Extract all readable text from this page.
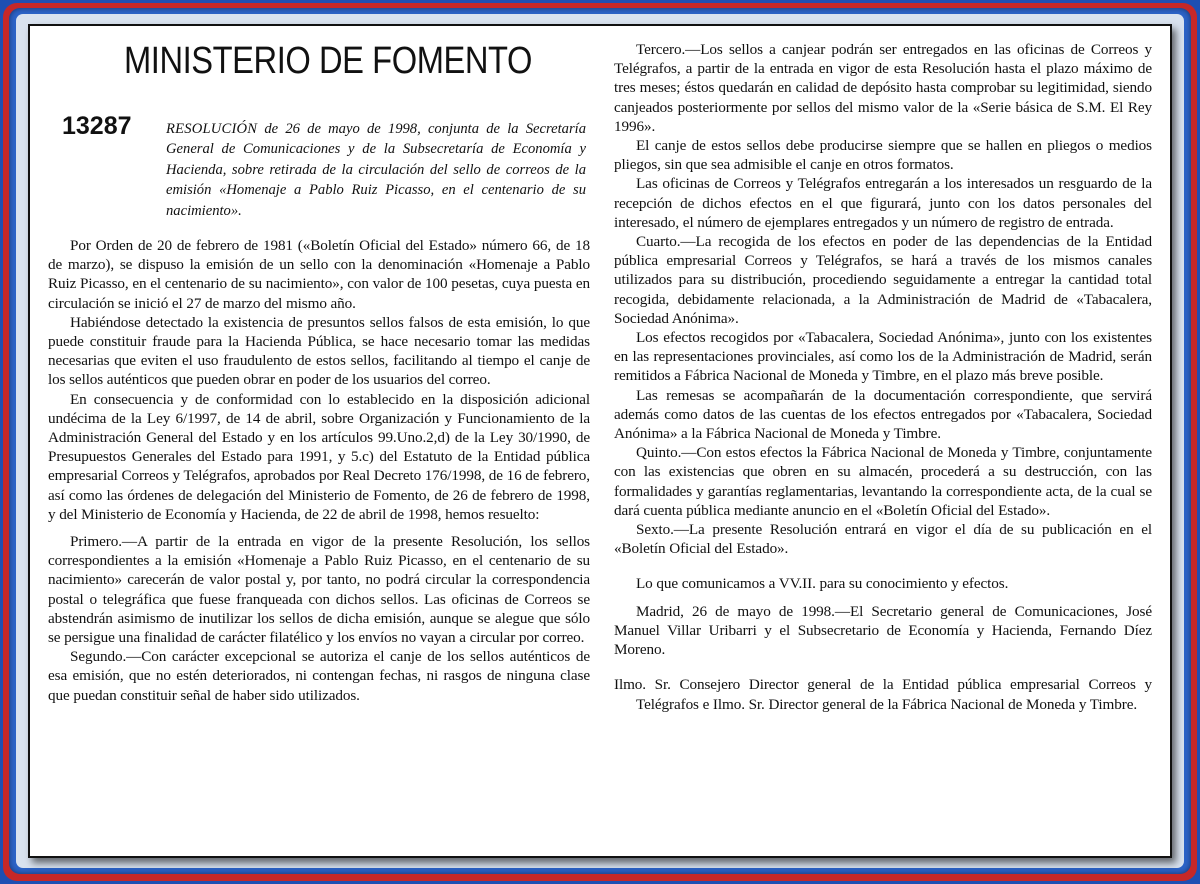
MINISTERIO DE FOMENTO
13287 RESOLUCIÓN de 26 de mayo de 1998, conjunta de la Secretaría General de Comunicaciones y de la Subsecretaría de Economía y Hacienda, sobre retirada de la circulación del sello de correos de la emisión «Homenaje a Pablo Ruiz Picasso, en el centenario de su nacimiento».

Por Orden de 20 de febrero de 1981 («Boletín Oficial del Estado» número 66, de 18 de marzo), se dispuso la emisión de un sello con la denominación «Homenaje a Pablo Ruiz Picasso, en el centenario de su nacimiento», con valor de 100 pesetas, cuya puesta en circulación se inició el 27 de marzo del mismo año.

Habiéndose detectado la existencia de presuntos sellos falsos de esta emisión, lo que puede constituir fraude para la Hacienda Pública, se hace necesario tomar las medidas necesarias que eviten el uso fraudulento de estos sellos, facilitando al tiempo el canje de los sellos auténticos que pueden obrar en poder de los usuarios del correo.

En consecuencia y de conformidad con lo establecido en la disposición adicional undécima de la Ley 6/1997, de 14 de abril, sobre Organización y Funcionamiento de la Administración General del Estado y en los artículos 99.Uno.2,d) de la Ley 30/1990, de Presupuestos Generales del Estado para 1991, y 5.c) del Estatuto de la Entidad pública empresarial Correos y Telégrafos, aprobados por Real Decreto 176/1998, de 16 de febrero, así como las órdenes de delegación del Ministerio de Fomento, de 26 de febrero de 1998, y del Ministerio de Economía y Hacienda, de 22 de abril de 1998, hemos resuelto:

Primero.—A partir de la entrada en vigor de la presente Resolución, los sellos correspondientes a la emisión «Homenaje a Pablo Ruiz Picasso, en el centenario de su nacimiento» carecerán de valor postal y, por tanto, no podrá circular la correspondencia postal o telegráfica que fuese franqueada con dichos sellos. Las oficinas de Correos se abstendrán asimismo de inutilizar los sellos de dicha emisión, aunque se alegue que sólo se persigue una finalidad de carácter filatélico y los envíos no vayan a circular por correo.

Segundo.—Con carácter excepcional se autoriza el canje de los sellos auténticos de esa emisión, que no estén deteriorados, ni contengan fechas, ni rasgos de ninguna clase que puedan constituir señal de haber sido utilizados.

Tercero.—Los sellos a canjear podrán ser entregados en las oficinas de Correos y Telégrafos, a partir de la entrada en vigor de esta Resolución hasta el plazo máximo de tres meses; éstos quedarán en calidad de depósito hasta comprobar su legitimidad, siendo canjeados posteriormente por sellos del mismo valor de la «Serie básica de S.M. El Rey 1996».

El canje de estos sellos debe producirse siempre que se hallen en pliegos o medios pliegos, sin que sea admisible el canje en otros formatos.

Las oficinas de Correos y Telégrafos entregarán a los interesados un resguardo de la recepción de dichos efectos en el que figurará, junto con los datos personales del interesado, el número de ejemplares entregados y un número de registro de entrada.

Cuarto.—La recogida de los efectos en poder de las dependencias de la Entidad pública empresarial Correos y Telégrafos, se hará a través de los mismos canales utilizados para su distribución, procediendo seguidamente a entregar la cantidad total recogida, debidamente relacionada, a la Administración de Madrid de «Tabacalera, Sociedad Anónima».

Los efectos recogidos por «Tabacalera, Sociedad Anónima», junto con los existentes en las representaciones provinciales, así como los de la Administración de Madrid, serán remitidos a Fábrica Nacional de Moneda y Timbre, en el plazo más breve posible.

Las remesas se acompañarán de la documentación correspondiente, que servirá además como datos de las cuentas de los efectos entregados por «Tabacalera, Sociedad Anónima» a la Fábrica Nacional de Moneda y Timbre.

Quinto.—Con estos efectos la Fábrica Nacional de Moneda y Timbre, conjuntamente con las existencias que obren en su almacén, procederá a su destrucción, con las formalidades y garantías reglamentarias, levantando la correspondiente acta, de la cual se dará cuenta pública mediante anuncio en el «Boletín Oficial del Estado».

Sexto.—La presente Resolución entrará en vigor el día de su publicación en el «Boletín Oficial del Estado».

Lo que comunicamos a VV.II. para su conocimiento y efectos.

Madrid, 26 de mayo de 1998.—El Secretario general de Comunicaciones, José Manuel Villar Uribarri y el Subsecretario de Economía y Hacienda, Fernando Díez Moreno.

Ilmo. Sr. Consejero Director general de la Entidad pública empresarial Correos y Telégrafos e Ilmo. Sr. Director general de la Fábrica Nacional de Moneda y Timbre.
